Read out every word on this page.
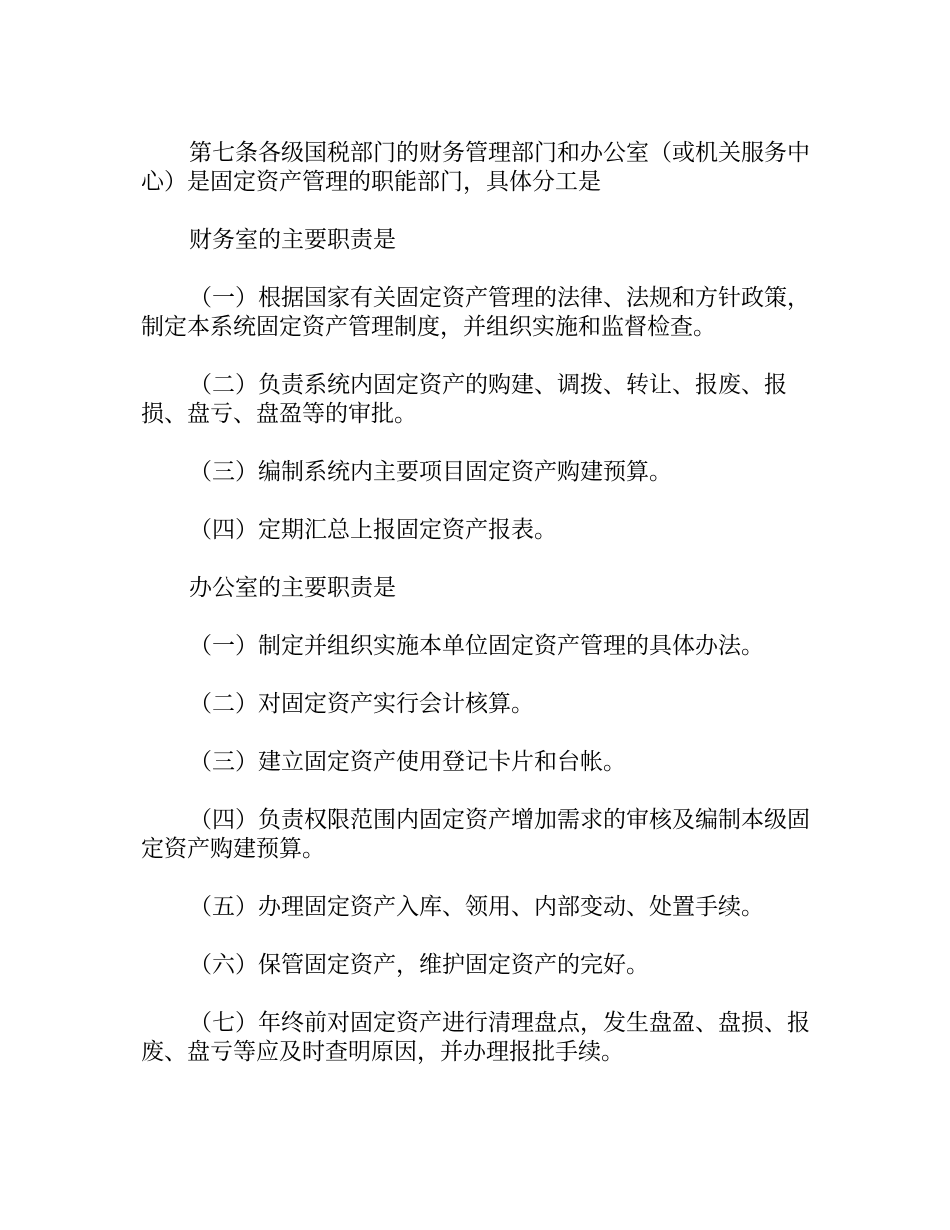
第七条各级国税部门的财务管理部门和办公室（或机关服务中心）是固定资产管理的职能部门，具体分工是

财务室的主要职责是

（一）根据国家有关固定资产管理的法律、法规和方针政策，制定本系统固定资产管理制度，并组织实施和监督检查。

（二）负责系统内固定资产的购建、调拨、转让、报废、报损、盘亏、盘盈等的审批。

（三）编制系统内主要项目固定资产购建预算。

（四）定期汇总上报固定资产报表。

办公室的主要职责是

（一）制定并组织实施本单位固定资产管理的具体办法。

（二）对固定资产实行会计核算。

（三）建立固定资产使用登记卡片和台帐。

（四）负责权限范围内固定资产增加需求的审核及编制本级固定资产购建预算。

（五）办理固定资产入库、领用、内部变动、处置手续。

（六）保管固定资产，维护固定资产的完好。

（七）年终前对固定资产进行清理盘点，发生盘盈、盘损、报废、盘亏等应及时查明原因，并办理报批手续。
